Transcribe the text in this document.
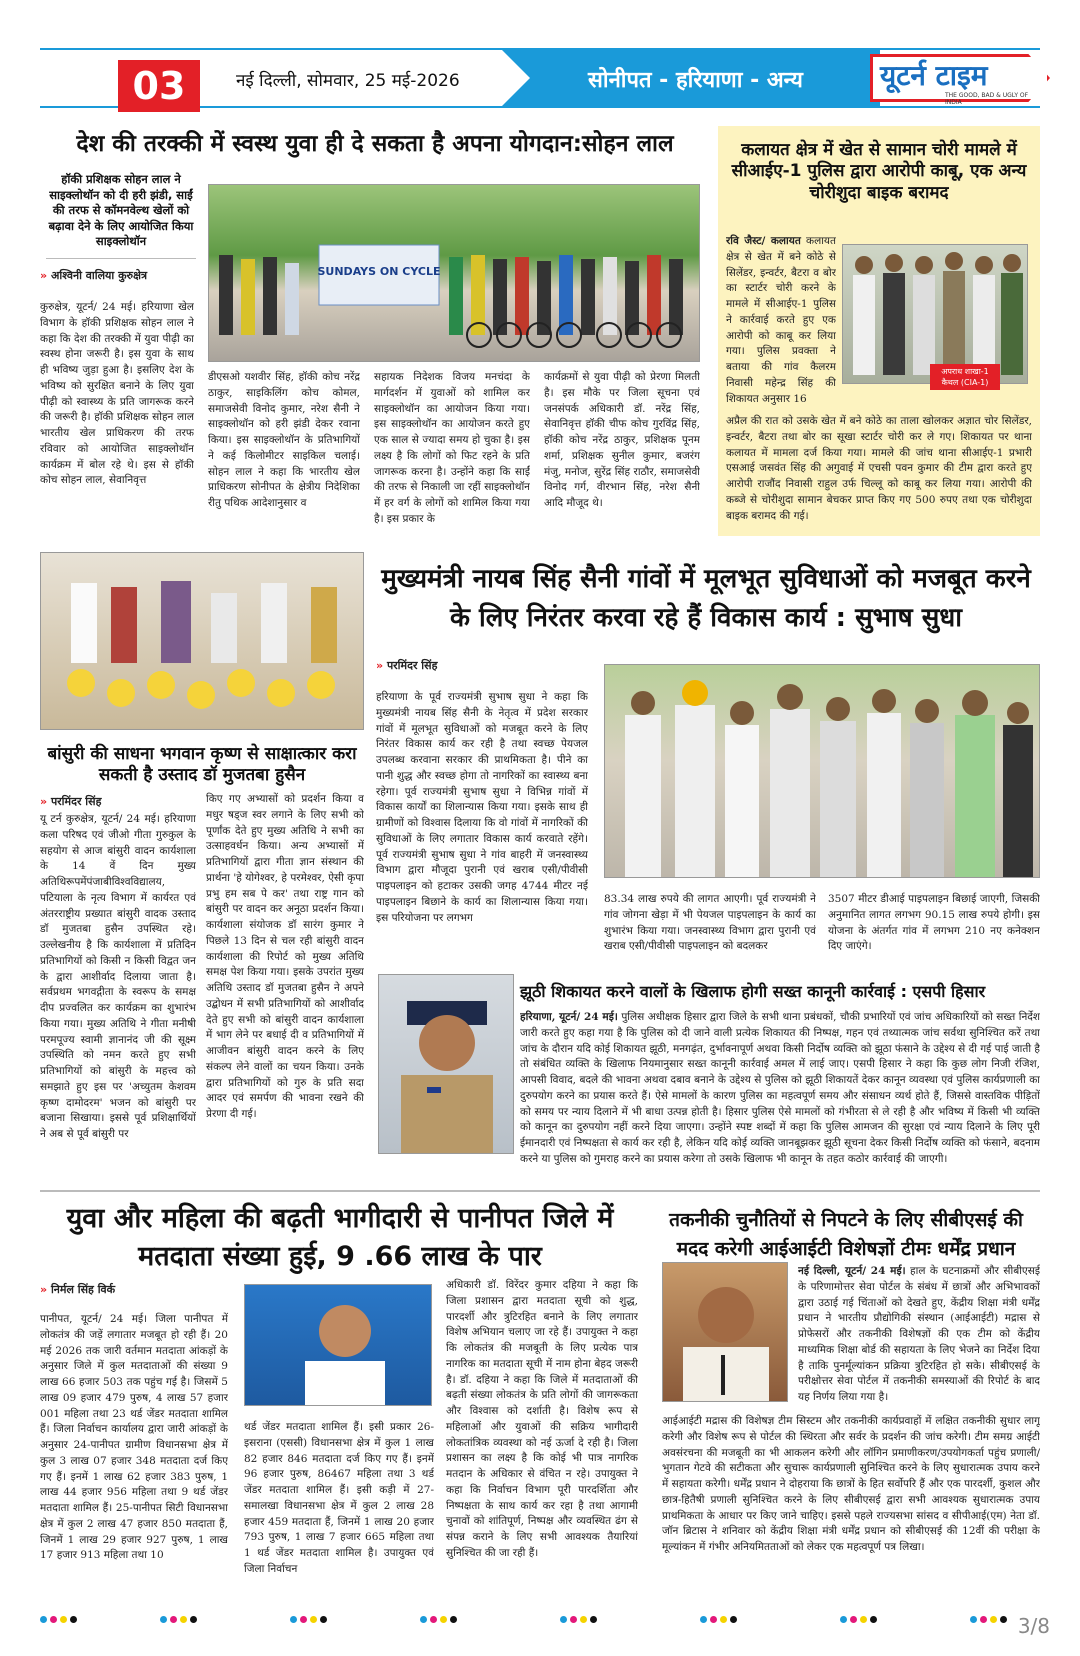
03	नई दिल्ली, सोमवार, 25 मई-2026	सोनीपत - हरियाणा - अन्य	यूटर्न टाइम
THE GOOD, BAD & UGLY OF INDIA
देश की तरक्की में स्वस्थ युवा ही दे सकता है अपना योगदान:सोहन लाल
हॉकी प्रशिक्षक सोहन लाल ने साइक्लोथॉन को दी हरी झंडी, साईं की तरफ से कॉमनवेल्थ खेलों को बढ़ावा देने के लिए आयोजित किया साइक्लोथॉन
» अश्विनी वालिया कुरुक्षेत्र	SUNDAYS ON CYCLE
कुरुक्षेत्र, यूटर्न/ 24 मई। हरियाणा खेल विभाग के हॉकी प्रशिक्षक सोहन लाल ने कहा कि देश की तरक्की में युवा पीढ़ी का स्वस्थ होना जरूरी है। इस युवा के साथ ही भविष्य जुड़ा हुआ है। इसलिए देश के भविष्य को सुरक्षित बनाने के लिए युवा पीढ़ी को स्वास्थ्य के प्रति जागरूक करने की जरूरी है। हॉकी प्रशिक्षक सोहन लाल भारतीय खेल प्राधिकरण की तरफ रविवार को आयोजित साइक्लोथॉन कार्यक्रम में बोल रहे थे। इस से हॉकी कोच सोहन लाल, सेवानिवृत्त
डीएसओ यशवीर सिंह, हॉकी कोच नरेंद्र ठाकुर, साइकिलिंग कोच कोमल, समाजसेवी विनोद कुमार, नरेश सैनी ने साइक्लोथॉन को हरी झंडी देकर रवाना किया। इस साइक्लोथॉन के प्रतिभागियों ने कई किलोमीटर साइकिल चलाई। सोहन लाल ने कहा कि भारतीय खेल प्राधिकरण सोनीपत के क्षेत्रीय निदेशिका रीतु पथिक आदेशानुसार व
सहायक निदेशक विजय मनचंदा के मार्गदर्शन में युवाओं को शामिल कर साइक्लोथॉन का आयोजन किया गया। इस साइक्लोथॉन का आयोजन करते हुए एक साल से ज्यादा समय हो चुका है। इस लक्ष्य है कि लोगों को फिट रहने के प्रति जागरूक करना है। उन्होंने कहा कि साईं की तरफ से निकाली जा रहीं साइक्लोथॉन में हर वर्ग के लोगों को शामिल किया गया है। इस प्रकार के
कार्यक्रमों से युवा पीढ़ी को प्रेरणा मिलती है। इस मौके पर जिला सूचना एवं जनसंपर्क अधिकारी डॉ. नरेंद्र सिंह, सेवानिवृत्त हॉकी चीफ कोच गुरविंद्र सिंह, हॉकी कोच नरेंद्र ठाकुर, प्रशिक्षक पूनम शर्मा, प्रशिक्षक सुनील कुमार, बजरंग मंजु, मनोज, सुरेंद्र सिंह राठौर, समाजसेवी विनोद गर्ग, वीरभान सिंह, नरेश सैनी आदि मौजूद थे।
कलायत क्षेत्र में खेत से सामान चोरी मामले में सीआईए-1 पुलिस द्वारा आरोपी काबू, एक अन्य चोरीशुदा बाइक बरामद
रवि जैस्ट/ कलायत कलायत क्षेत्र से खेत में बने कोठे से सिलेंडर, इन्वर्टर, बैटरा व बोर का स्टार्टर चोरी करने के मामले में सीआईए-1 पुलिस ने कार्रवाई करते हुए एक आरोपी को काबू कर लिया गया। पुलिस प्रवक्ता ने बताया की गांव कैलरम निवासी महेन्द्र सिंह की शिकायत अनुसार 16
अपराध शाखा-1 कैथल (CIA-1)
अप्रैल की रात को उसके खेत में बने कोठे का ताला खोलकर अज्ञात चोर सिलेंडर, इन्वर्टर, बैटरा तथा बोर का सूखा स्टार्टर चोरी कर ले गए। शिकायत पर थाना कलायत में मामला दर्ज किया गया। मामले की जांच थाना सीआईए-1 प्रभारी एसआई जसवंत सिंह की अगुवाई में एचसी पवन कुमार की टीम द्वारा करते हुए आरोपी राजौंद निवासी राहुल उर्फ चिल्लू को काबू कर लिया गया। आरोपी की कब्जे से चोरीशुदा सामान बेचकर प्राप्त किए गए 500 रुपए तथा एक चोरीशुदा बाइक बरामद की गई।
बांसुरी की साधना भगवान कृष्ण से साक्षात्कार करा सकती है उस्ताद डॉ मुजतबा हुसैन
» परमिंदर सिंह
यू टर्न कुरुक्षेत्र, यूटर्न/ 24 मई। हरियाणा कला परिषद एवं जीओ गीता गुरुकुल के सहयोग से आज बांसुरी वादन कार्यशाला के 14 वें दिन मुख्य अतिथिरूपमेंपंजाबीविश्वविद्यालय, पटियाला के नृत्य विभाग में कार्यरत एवं अंतरराष्ट्रीय प्रख्यात बांसुरी वादक उस्ताद डॉ मुजतबा हुसैन उपस्थित रहे। उल्लेखनीय है कि कार्यशाला में प्रतिदिन प्रतिभागियों को किसी न किसी विद्वत जन के द्वारा आशीर्वाद दिलाया जाता है। सर्वप्रथम भगवद्गीता के स्वरूप के समक्ष दीप प्रज्वलित कर कार्यक्रम का शुभारंभ किया गया। मुख्य अतिथि ने गीता मनीषी परमपूज्य स्वामी ज्ञानानंद जी की सूक्ष्म उपस्थिति को नमन करते हुए सभी प्रतिभागियों को बांसुरी के महत्त्व को समझाते हुए इस पर 'अच्युतम केशवम कृष्ण दामोदरम' भजन को बांसुरी पर बजाना सिखाया। इससे पूर्व प्रशिक्षार्थियों ने अब से पूर्व बांसुरी पर
किए गए अभ्यासों को प्रदर्शन किया व मधुर षड्ज स्वर लगाने के लिए सभी को पूर्णांक देते हुए मुख्य अतिथि ने सभी का उत्साहवर्धन किया। अन्य अभ्यासों में प्रतिभागियों द्वारा गीता ज्ञान संस्थान की प्रार्थना 'हे योगेश्वर, हे परमेश्वर, ऐसी कृपा प्रभु हम सब पे कर' तथा राष्ट्र गान को बांसुरी पर वादन कर अनूठा प्रदर्शन किया। कार्यशाला संयोजक डॉ सारंग कुमार ने पिछले 13 दिन से चल रही बांसुरी वादन कार्यशाला की रिपोर्ट को मुख्य अतिथि समक्ष पेश किया गया। इसके उपरांत मुख्य अतिथि उस्ताद डॉ मुजतबा हुसैन ने अपने उद्बोधन में सभी प्रतिभागियों को आशीर्वाद देते हुए सभी को बांसुरी वादन कार्यशाला में भाग लेने पर बधाई दी व प्रतिभागियों में आजीवन बांसुरी वादन करने के लिए संकल्प लेने वालों का चयन किया। उनके द्वारा प्रतिभागियों को गुरु के प्रति सदा आदर एवं समर्पण की भावना रखने की प्रेरणा दी गई।
मुख्यमंत्री नायब सिंह सैनी गांवों में मूलभूत सुविधाओं को मजबूत करने के लिए निरंतर करवा रहे हैं विकास कार्य : सुभाष सुधा
» परमिंदर सिंह
हरियाणा के पूर्व राज्यमंत्री सुभाष सुधा ने कहा कि मुख्यमंत्री नायब सिंह सैनी के नेतृत्व में प्रदेश सरकार गांवों में मूलभूत सुविधाओं को मजबूत करने के लिए निरंतर विकास कार्य कर रही है तथा स्वच्छ पेयजल उपलब्ध करवाना सरकार की प्राथमिकता है। पीने का पानी शुद्ध और स्वच्छ होगा तो नागरिकों का स्वास्थ्य बना रहेगा। पूर्व राज्यमंत्री सुभाष सुधा ने विभिन्न गांवों में विकास कार्यों का शिलान्यास किया गया। इसके साथ ही ग्रामीणों को विश्वास दिलाया कि वो गांवों में नागरिकों की सुविधाओं के लिए लगातार विकास कार्य करवाते रहेंगे। पूर्व राज्यमंत्री सुभाष सुधा ने गांव बाहरी में जनस्वास्थ्य विभाग द्वारा मौजूदा पुरानी एवं खराब एसी/पीवीसी पाइपलाइन को हटाकर उसकी जगह 4744 मीटर नई पाइपलाइन बिछाने के कार्य का शिलान्यास किया गया। इस परियोजना पर लगभग
83.34 लाख रुपये की लागत आएगी। पूर्व राज्यमंत्री ने गांव जोगना खेड़ा में भी पेयजल पाइपलाइन के कार्य का शुभारंभ किया गया। जनस्वास्थ्य विभाग द्वारा पुरानी एवं खराब एसी/पीवीसी पाइपलाइन को बदलकर
3507 मीटर डीआई पाइपलाइन बिछाई जाएगी, जिसकी अनुमानित लागत लगभग 90.15 लाख रुपये होगी। इस योजना के अंतर्गत गांव में लगभग 210 नए कनेक्शन दिए जाएंगे।
झूठी शिकायत करने वालों के खिलाफ होगी सख्त कानूनी कार्रवाई : एसपी हिसार
हरियाणा, यूटर्न/ 24 मई। पुलिस अधीक्षक हिसार द्वारा जिले के सभी थाना प्रबंधकों, चौकी प्रभारियों एवं जांच अधिकारियों को सख्त निर्देश जारी करते हुए कहा गया है कि पुलिस को दी जाने वाली प्रत्येक शिकायत की निष्पक्ष, गहन एवं तथ्यात्मक जांच सर्वथा सुनिश्चित करें तथा जांच के दौरान यदि कोई शिकायत झूठी, मनगढ़ंत, दुर्भावनापूर्ण अथवा किसी निर्दोष व्यक्ति को झूठा फंसाने के उद्देश्य से दी गई पाई जाती है तो संबंधित व्यक्ति के खिलाफ नियमानुसार सख्त कानूनी कार्रवाई अमल में लाई जाए। एसपी हिसार ने कहा कि कुछ लोग निजी रंजिश, आपसी विवाद, बदले की भावना अथवा दबाव बनाने के उद्देश्य से पुलिस को झूठी शिकायतें देकर कानून व्यवस्था एवं पुलिस कार्यप्रणाली का दुरुपयोग करने का प्रयास करते हैं। ऐसे मामलों के कारण पुलिस का महत्वपूर्ण समय और संसाधन व्यर्थ होते हैं, जिससे वास्तविक पीड़ितों को समय पर न्याय दिलाने में भी बाधा उत्पन्न होती है। हिसार पुलिस ऐसे मामलों को गंभीरता से ले रही है और भविष्य में किसी भी व्यक्ति को कानून का दुरुपयोग नहीं करने दिया जाएगा। उन्होंने स्पष्ट शब्दों में कहा कि पुलिस आमजन की सुरक्षा एवं न्याय दिलाने के लिए पूरी ईमानदारी एवं निष्पक्षता से कार्य कर रही है, लेकिन यदि कोई व्यक्ति जानबूझकर झूठी सूचना देकर किसी निर्दोष व्यक्ति को फंसाने, बदनाम करने या पुलिस को गुमराह करने का प्रयास करेगा तो उसके खिलाफ भी कानून के तहत कठोर कार्रवाई की जाएगी।
युवा और महिला की बढ़ती भागीदारी से पानीपत जिले में मतदाता संख्या हुई, 9 .66 लाख के पार
» निर्मल सिंह विर्क
पानीपत, यूटर्न/ 24 मई। जिला पानीपत में लोकतंत्र की जड़ें लगातार मजबूत हो रही हैं। 20 मई 2026 तक जारी वर्तमान मतदाता आंकड़ों के अनुसार जिले में कुल मतदाताओं की संख्या 9 लाख 66 हजार 503 तक पहुंच गई है। जिसमें 5 लाख 09 हजार 479 पुरुष, 4 लाख 57 हजार 001 महिला तथा 23 थर्ड जेंडर मतदाता शामिल हैं। जिला निर्वाचन कार्यालय द्वारा जारी आंकड़ों के अनुसार 24-पानीपत ग्रामीण विधानसभा क्षेत्र में कुल 3 लाख 07 हजार 348 मतदाता दर्ज किए गए हैं। इनमें 1 लाख 62 हजार 383 पुरुष, 1 लाख 44 हजार 956 महिला तथा 9 थर्ड जेंडर मतदाता शामिल हैं। 25-पानीपत सिटी विधानसभा क्षेत्र में कुल 2 लाख 47 हजार 850 मतदाता हैं, जिनमें 1 लाख 29 हजार 927 पुरुष, 1 लाख 17 हजार 913 महिला तथा 10
थर्ड जेंडर मतदाता शामिल हैं। इसी प्रकार 26-इसराना (एससी) विधानसभा क्षेत्र में कुल 1 लाख 82 हजार 846 मतदाता दर्ज किए गए हैं। इनमें 96 हजार पुरुष, 86467 महिला तथा 3 थर्ड जेंडर मतदाता शामिल हैं। इसी कड़ी में 27- समालखा विधानसभा क्षेत्र में कुल 2 लाख 28 हजार 459 मतदाता हैं, जिनमें 1 लाख 20 हजार 793 पुरुष, 1 लाख 7 हजार 665 महिला तथा 1 थर्ड जेंडर मतदाता शामिल है। उपायुक्त एवं जिला निर्वाचन
अधिकारी डॉ. विरेंदर कुमार दहिया ने कहा कि जिला प्रशासन द्वारा मतदाता सूची को शुद्ध, पारदर्शी और त्रुटिरहित बनाने के लिए लगातार विशेष अभियान चलाए जा रहे हैं। उपायुक्त ने कहा कि लोकतंत्र की मजबूती के लिए प्रत्येक पात्र नागरिक का मतदाता सूची में नाम होना बेहद जरूरी है। डॉ. दहिया ने कहा कि जिले में मतदाताओं की बढ़ती संख्या लोकतंत्र के प्रति लोगों की जागरूकता और विश्वास को दर्शाती है। विशेष रूप से महिलाओं और युवाओं की सक्रिय भागीदारी लोकतांत्रिक व्यवस्था को नई ऊर्जा दे रही है। जिला प्रशासन का लक्ष्य है कि कोई भी पात्र नागरिक मतदान के अधिकार से वंचित न रहे। उपायुक्त ने कहा कि निर्वाचन विभाग पूरी पारदर्शिता और निष्पक्षता के साथ कार्य कर रहा है तथा आगामी चुनावों को शांतिपूर्ण, निष्पक्ष और व्यवस्थित ढंग से संपन्न कराने के लिए सभी आवश्यक तैयारियां सुनिश्चित की जा रही हैं।
तकनीकी चुनौतियों से निपटने के लिए सीबीएसई की मदद करेगी आईआईटी विशेषज्ञों टीमः धर्मेंद्र प्रधान
नई दिल्ली, यूटर्न/ 24 मई। हाल के घटनाक्रमों और सीबीएसई के परिणामोत्तर सेवा पोर्टल के संबंध में छात्रों और अभिभावकों द्वारा उठाई गई चिंताओं को देखते हुए, केंद्रीय शिक्षा मंत्री धर्मेंद्र प्रधान ने भारतीय प्रौद्योगिकी संस्थान (आईआईटी) मद्रास से प्रोफेसरों और तकनीकी विशेषज्ञों की एक टीम को केंद्रीय माध्यमिक शिक्षा बोर्ड की सहायता के लिए भेजने का निर्देश दिया है ताकि पुनर्मूल्यांकन प्रक्रिया त्रुटिरहित हो सके। सीबीएसई के परीक्षोत्तर सेवा पोर्टल में तकनीकी समस्याओं की रिपोर्ट के बाद यह निर्णय लिया गया है।
आईआईटी मद्रास की विशेषज्ञ टीम सिस्टम और तकनीकी कार्यप्रवाहों में लक्षित तकनीकी सुधार लागू करेगी और विशेष रूप से पोर्टल की स्थिरता और सर्वर के प्रदर्शन की जांच करेगी। टीम समग्र आईटी अवसंरचना की मजबूती का भी आकलन करेगी और लॉगिन प्रमाणीकरण/उपयोगकर्ता पहुंच प्रणाली/भुगतान गेटवे की सटीकता और सुचारू कार्यप्रणाली सुनिश्चित करने के लिए सुधारात्मक उपाय करने में सहायता करेगी। धर्मेंद्र प्रधान ने दोहराया कि छात्रों के हित सर्वोपरि हैं और एक पारदर्शी, कुशल और छात्र-हितैषी प्रणाली सुनिश्चित करने के लिए सीबीएसई द्वारा सभी आवश्यक सुधारात्मक उपाय प्राथमिकता के आधार पर किए जाने चाहिए। इससे पहले राज्यसभा सांसद व सीपीआई(एम) नेता डॉ. जॉन ब्रिटास ने शनिवार को केंद्रीय शिक्षा मंत्री धर्मेंद्र प्रधान को सीबीएसई की 12वीं की परीक्षा के मूल्यांकन में गंभीर अनियमितताओं को लेकर एक महत्वपूर्ण पत्र लिखा।
3/8
